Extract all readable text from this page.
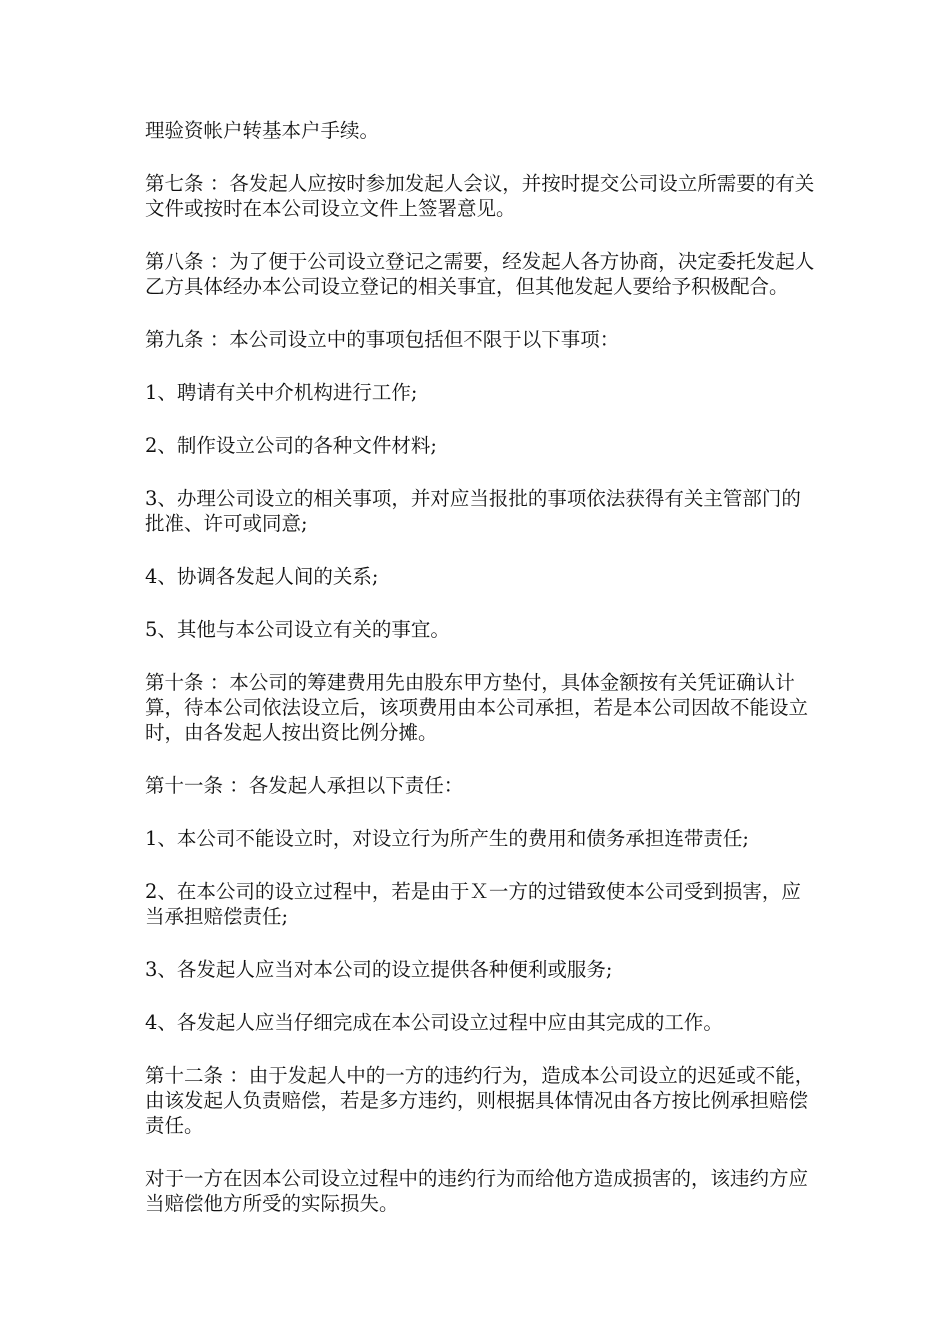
理验资帐户转基本户手续。

第七条 ：各发起人应按时参加发起人会议，并按时提交公司设立所需要的有关文件或按时在本公司设立文件上签署意见。

第八条 ：为了便于公司设立登记之需要，经发起人各方协商，决定委托发起人乙方具体经办本公司设立登记的相关事宜，但其他发起人要给予积极配合。

第九条 ：本公司设立中的事项包括但不限于以下事项：

1、聘请有关中介机构进行工作;

2、制作设立公司的各种文件材料;

3、办理公司设立的相关事项，并对应当报批的事项依法获得有关主管部门的批准、许可或同意;

4、协调各发起人间的关系;

5、其他与本公司设立有关的事宜。

第十条 ：本公司的筹建费用先由股东甲方垫付，具体金额按有关凭证确认计算，待本公司依法设立后，该项费用由本公司承担，若是本公司因故不能设立时，由各发起人按出资比例分摊。

第十一条 ：各发起人承担以下责任：

1、本公司不能设立时，对设立行为所产生的费用和债务承担连带责任;

2、在本公司的设立过程中，若是由于Ｘ一方的过错致使本公司受到损害，应当承担赔偿责任;

3、各发起人应当对本公司的设立提供各种便利或服务;

4、各发起人应当仔细完成在本公司设立过程中应由其完成的工作。

第十二条 ：由于发起人中的一方的违约行为，造成本公司设立的迟延或不能，由该发起人负责赔偿，若是多方违约，则根据具体情况由各方按比例承担赔偿责任。

对于一方在因本公司设立过程中的违约行为而给他方造成损害的，该违约方应当赔偿他方所受的实际损失。
